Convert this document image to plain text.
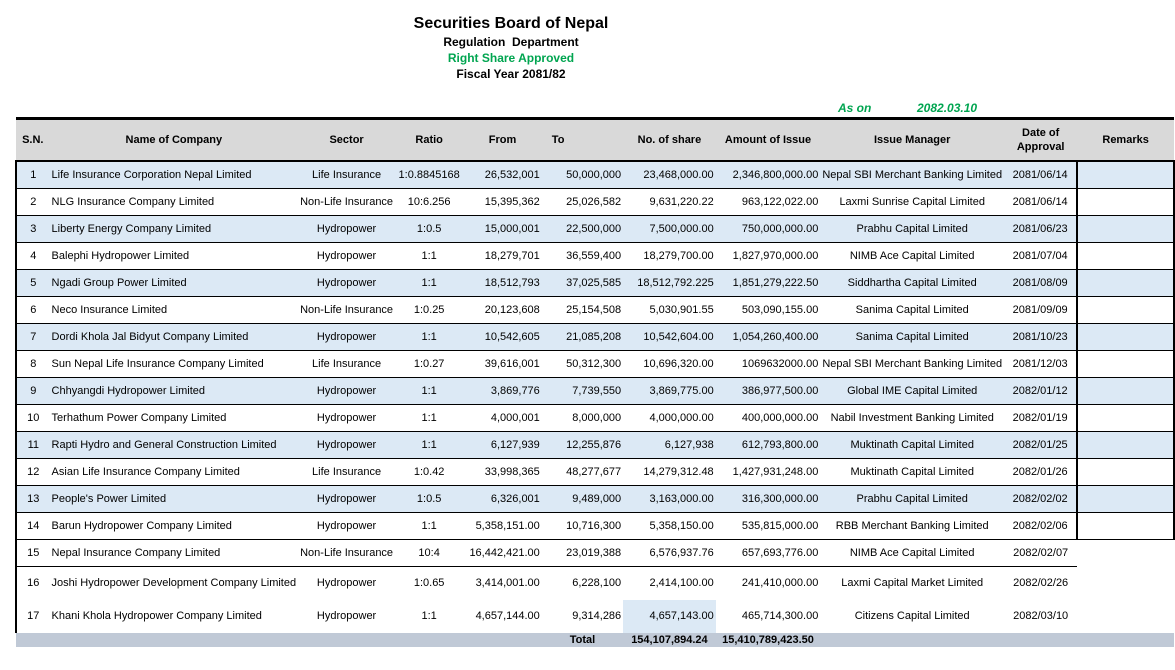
Securities Board of Nepal
Regulation  Department
Right Share Approved
Fiscal Year 2081/82
As on	2082.03.10
S.N.	Name of Company	Sector	Ratio	From	To	No. of share	Amount of Issue	Issue Manager	Date of Approval	Remarks
1	Life Insurance Corporation Nepal Limited	Life Insurance	1:0.8845168	26,532,001	50,000,000	23,468,000.00	2,346,800,000.00	Nepal SBI Merchant Banking Limited	2081/06/14	
2	NLG Insurance Company Limited	Non-Life Insurance	10:6.256	15,395,362	25,026,582	9,631,220.22	963,122,022.00	Laxmi Sunrise Capital Limited	2081/06/14	
3	Liberty Energy Company Limited	Hydropower	1:0.5	15,000,001	22,500,000	7,500,000.00	750,000,000.00	Prabhu Capital Limited	2081/06/23	
4	Balephi Hydropower Limited	Hydropower	1:1	18,279,701	36,559,400	18,279,700.00	1,827,970,000.00	NIMB Ace Capital Limited	2081/07/04	
5	Ngadi Group Power Limited	Hydropower	1:1	18,512,793	37,025,585	18,512,792.225	1,851,279,222.50	Siddhartha Capital Limited	2081/08/09	
6	Neco Insurance Limited	Non-Life Insurance	1:0.25	20,123,608	25,154,508	5,030,901.55	503,090,155.00	Sanima Capital Limited	2081/09/09	
7	Dordi Khola Jal Bidyut Company Limited	Hydropower	1:1	10,542,605	21,085,208	10,542,604.00	1,054,260,400.00	Sanima Capital Limited	2081/10/23	
8	Sun Nepal Life Insurance Company Limited	Life Insurance	1:0.27	39,616,001	50,312,300	10,696,320.00	1069632000.00	Nepal SBI Merchant Banking Limited	2081/12/03	
9	Chhyangdi Hydropower Limited	Hydropower	1:1	3,869,776	7,739,550	3,869,775.00	386,977,500.00	Global IME Capital Limited	2082/01/12	
10	Terhathum Power Company Limited	Hydropower	1:1	4,000,001	8,000,000	4,000,000.00	400,000,000.00	Nabil Investment Banking Limited	2082/01/19	
11	Rapti Hydro and General Construction Limited	Hydropower	1:1	6,127,939	12,255,876	6,127,938	612,793,800.00	Muktinath Capital Limited	2082/01/25	
12	Asian Life Insurance Company Limited	Life Insurance	1:0.42	33,998,365	48,277,677	14,279,312.48	1,427,931,248.00	Muktinath Capital Limited	2082/01/26	
13	People's Power Limited	Hydropower	1:0.5	6,326,001	9,489,000	3,163,000.00	316,300,000.00	Prabhu Capital Limited	2082/02/02	
14	Barun Hydropower Company Limited	Hydropower	1:1	5,358,151.00	10,716,300	5,358,150.00	535,815,000.00	RBB Merchant Banking Limited	2082/02/06	
15	Nepal Insurance Company Limited	Non-Life Insurance	10:4	16,442,421.00	23,019,388	6,576,937.76	657,693,776.00	NIMB Ace Capital Limited	2082/02/07	
16	Joshi Hydropower Development Company Limited	Hydropower	1:0.65	3,414,001.00	6,228,100	2,414,100.00	241,410,000.00	Laxmi Capital Market Limited	2082/02/26	
17	Khani Khola Hydropower Company Limited	Hydropower	1:1	4,657,144.00	9,314,286	4,657,143.00	465,714,300.00	Citizens Capital Limited	2082/03/10	
					Total	154,107,894.24	15,410,789,423.50			
